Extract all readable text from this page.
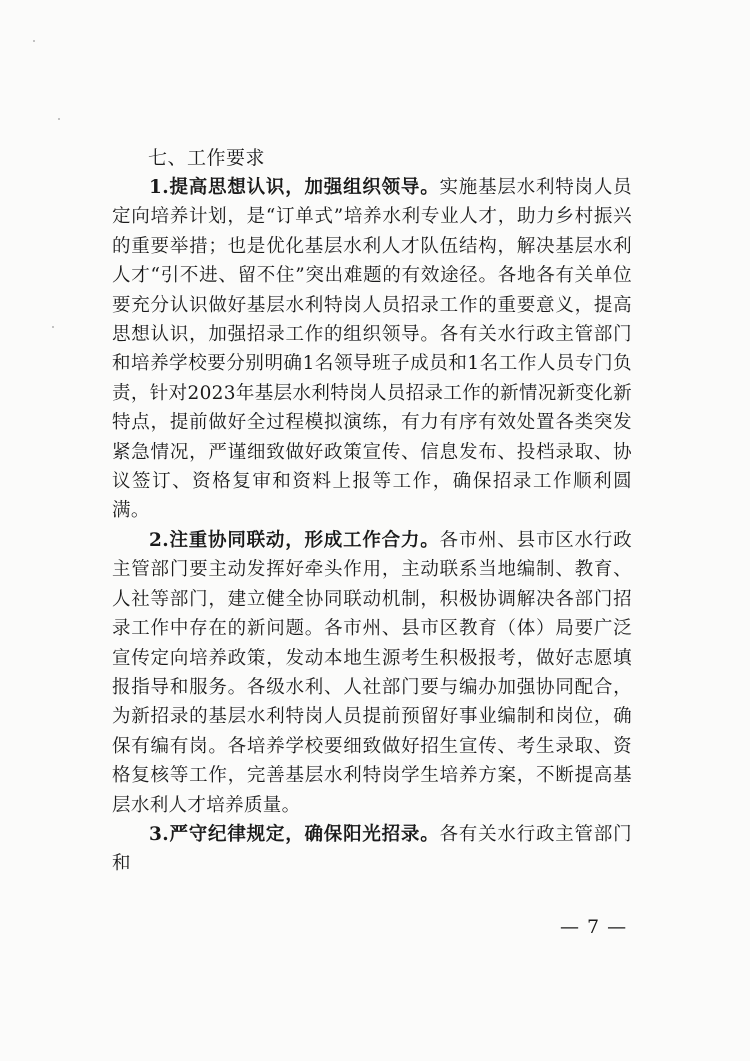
七、工作要求

1.提高思想认识，加强组织领导。实施基层水利特岗人员定向培养计划，是“订单式”培养水利专业人才，助力乡村振兴的重要举措；也是优化基层水利人才队伍结构，解决基层水利人才“引不进、留不住”突出难题的有效途径。各地各有关单位要充分认识做好基层水利特岗人员招录工作的重要意义，提高思想认识，加强招录工作的组织领导。各有关水行政主管部门和培养学校要分别明确1名领导班子成员和1名工作人员专门负责，针对2023年基层水利特岗人员招录工作的新情况新变化新特点，提前做好全过程模拟演练，有力有序有效处置各类突发紧急情况，严谨细致做好政策宣传、信息发布、投档录取、协议签订、资格复审和资料上报等工作，确保招录工作顺利圆满。

2.注重协同联动，形成工作合力。各市州、县市区水行政主管部门要主动发挥好牵头作用，主动联系当地编制、教育、人社等部门，建立健全协同联动机制，积极协调解决各部门招录工作中存在的新问题。各市州、县市区教育（体）局要广泛宣传定向培养政策，发动本地生源考生积极报考，做好志愿填报指导和服务。各级水利、人社部门要与编办加强协同配合，为新招录的基层水利特岗人员提前预留好事业编制和岗位，确保有编有岗。各培养学校要细致做好招生宣传、考生录取、资格复核等工作，完善基层水利特岗学生培养方案，不断提高基层水利人才培养质量。

3.严守纪律规定，确保阳光招录。各有关水行政主管部门和

— 7 —
